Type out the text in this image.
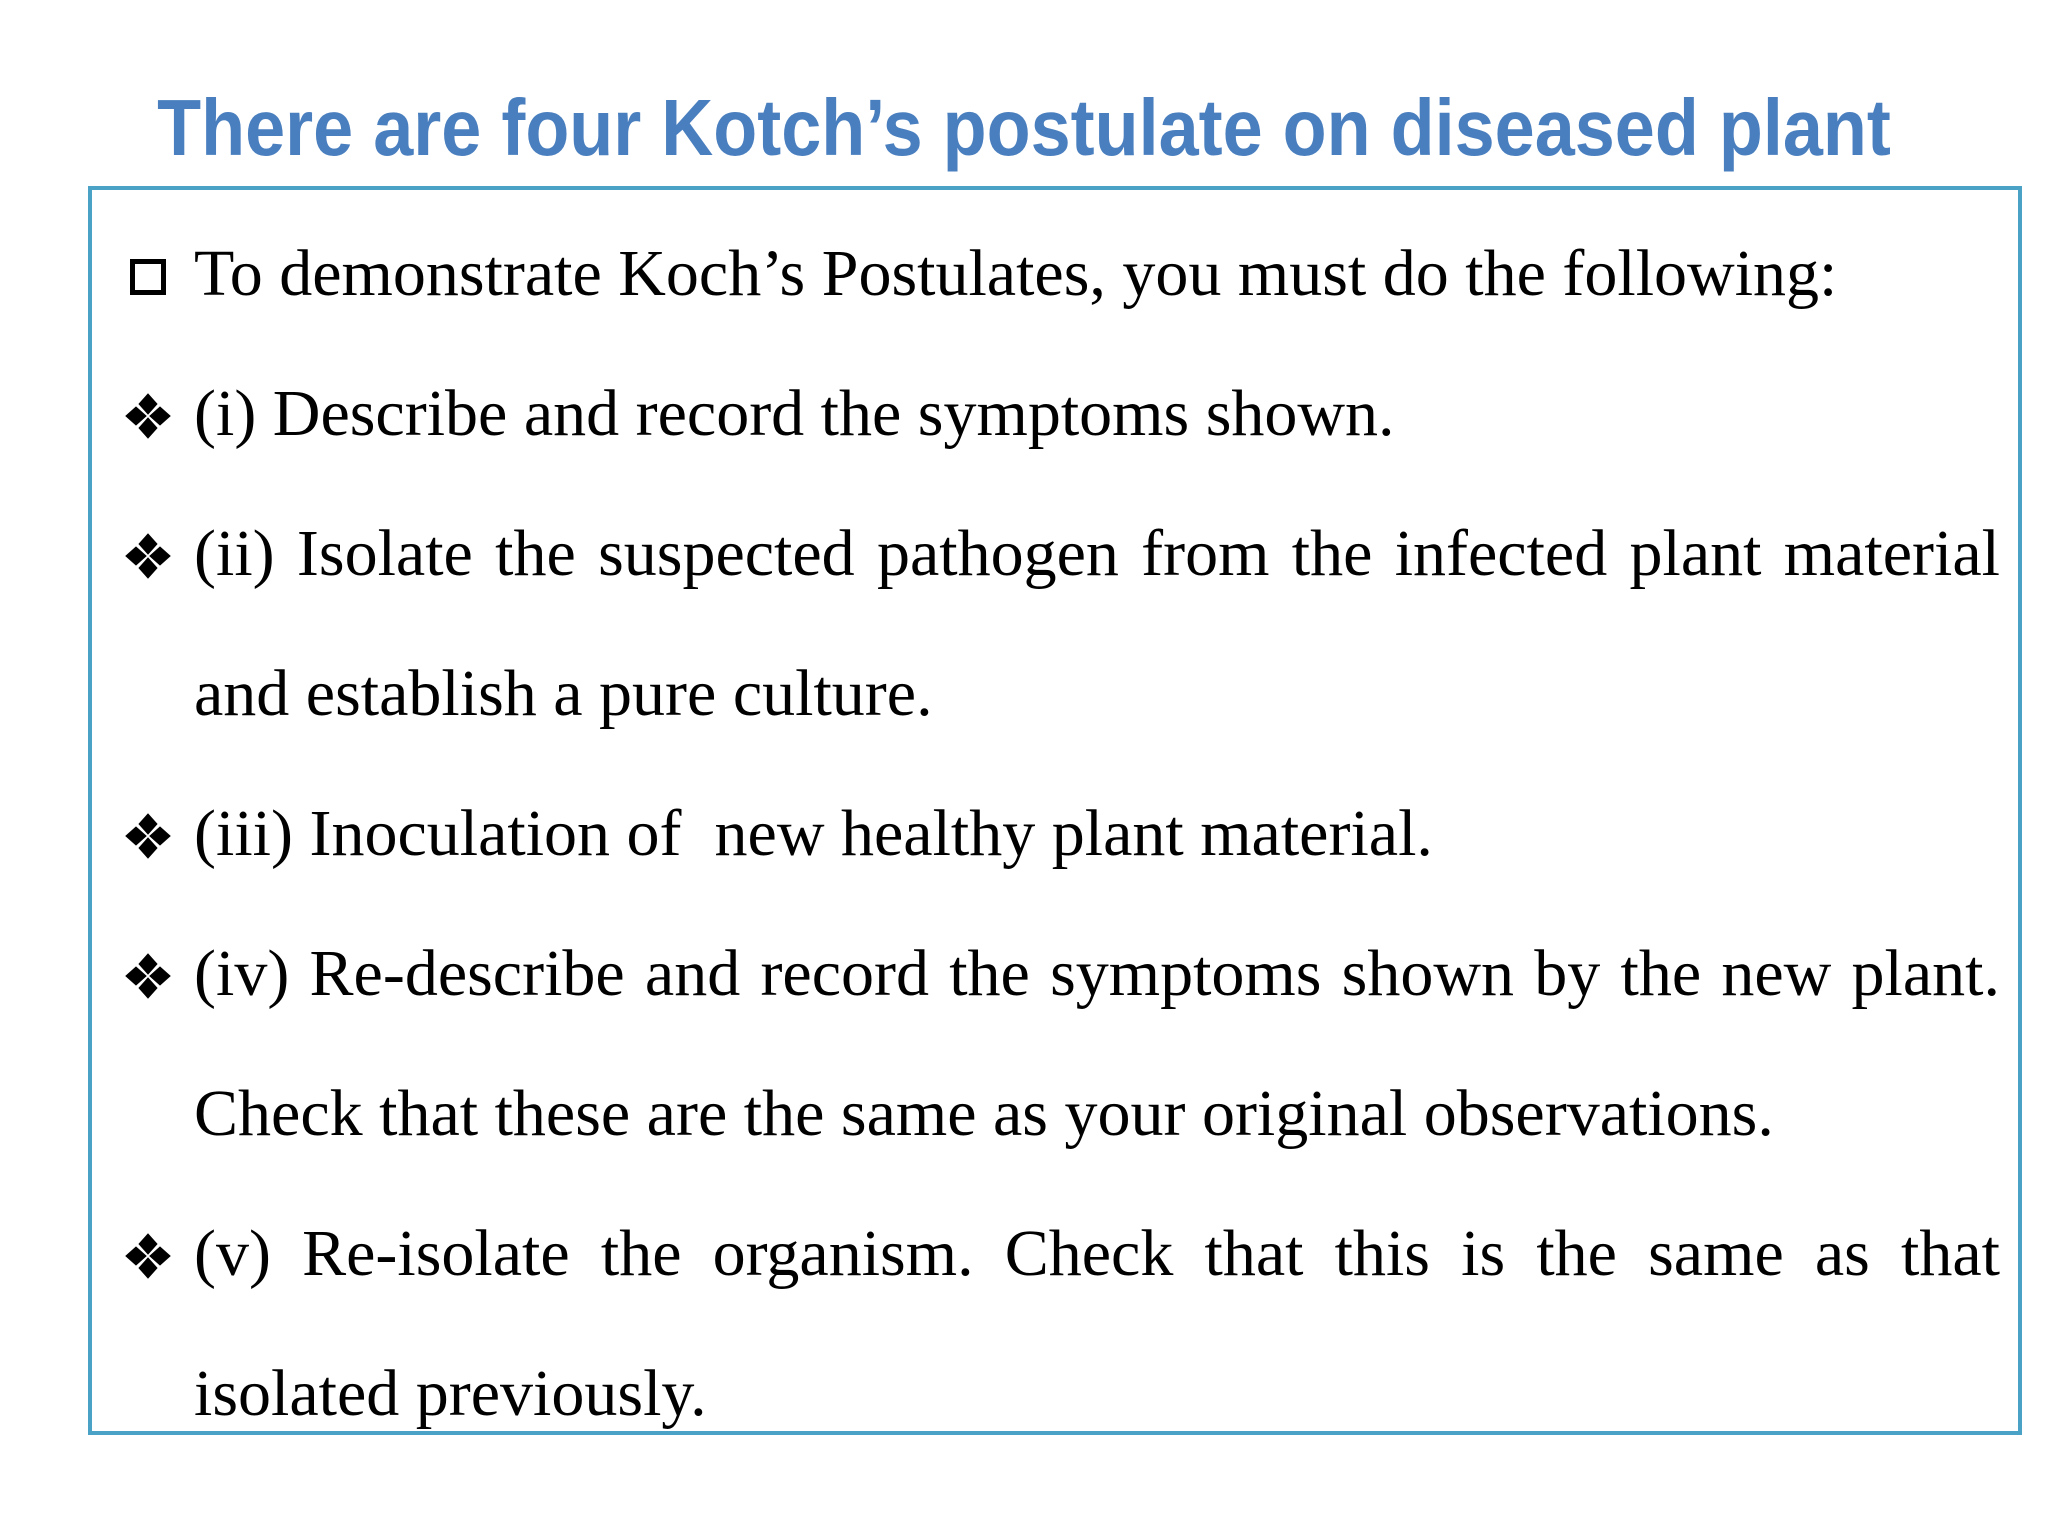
There are four Kotch’s postulate on diseased plant
To demonstrate Koch’s Postulates, you must do the following:
(i) Describe and record the symptoms shown.
(ii) Isolate the suspected pathogen from the infected plant material and establish a pure culture.
(iii) Inoculation of  new healthy plant material.
(iv) Re-describe and record the symptoms shown by the new plant. Check that these are the same as your original observations.
(v) Re-isolate the organism. Check that this is the same as that isolated previously.
